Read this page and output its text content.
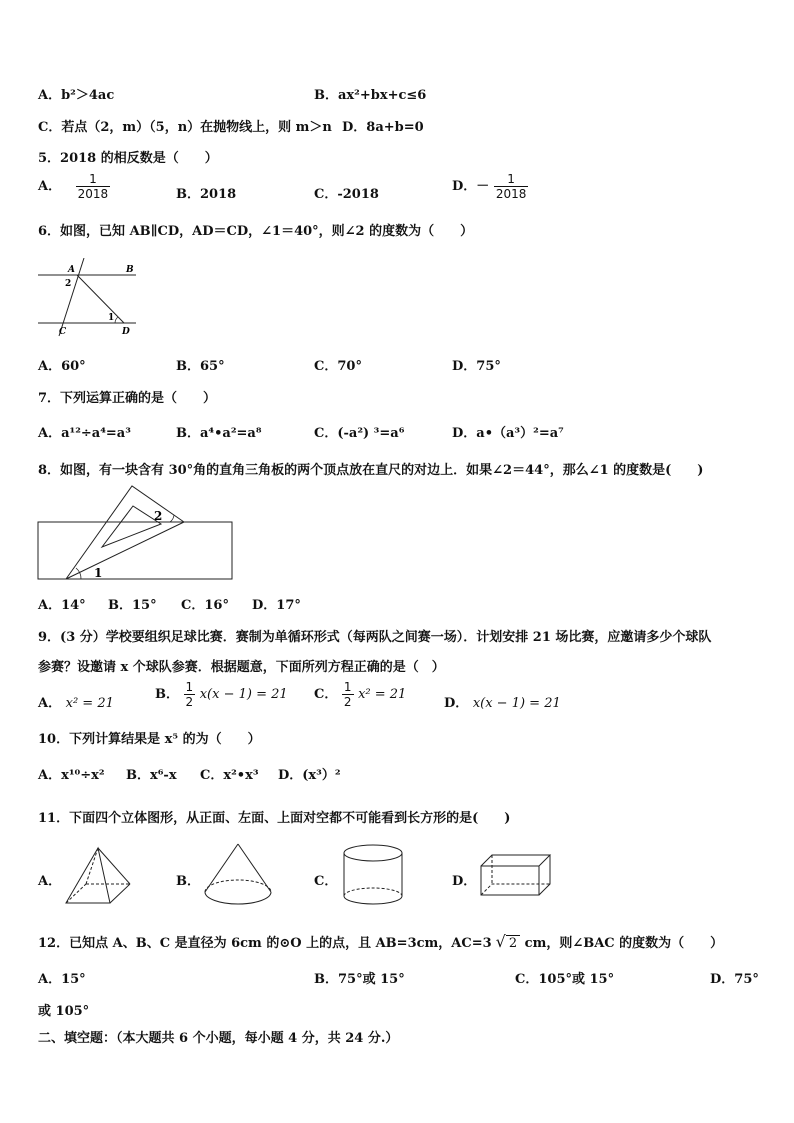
A．b²＞4ac	B．ax²+bx+c≤6
C．若点（2，m）（5，n）在抛物线上，则 m＞n D．8a+b=0
5．2018 的相反数是（　　）
A． $\frac{1}{2018}$	B．2018	C．-2018
D．－ $\frac{1}{2018}$
6．如图，已知 AB∥CD，AD＝CD，∠1＝40°，则∠2 的度数为（　　）
A	B
C	D
2
1
A．60°	B．65°	C．70°	D．75°
7．下列运算正确的是（　　）
A．a¹²÷a⁴=a³	B．a⁴•a²=a⁸	C．(-a²) ³=a⁶	D．a•（a³）²=a⁷
8．如图，有一块含有 30°角的直角三角板的两个顶点放在直尺的对边上．如果∠2＝44°，那么∠1 的度数是(　　)
2
1
A．14° B．15° C．16° D．17°
9．(3 分）学校要组织足球比赛．赛制为单循环形式（每两队之间赛一场）．计划安排 21 场比赛，应邀请多少个球队
参赛？设邀请 x 个球队参赛．根据题意，下面所列方程正确的是（　）
A． x² = 21
B． $\frac{1}{2} x(x - 1) = 21$ C． $\frac{1}{2} x^2 = 21$
D． x(x − 1) = 21
10．下列计算结果是 x⁵ 的为（　　）
A．x¹⁰÷x² B．x⁶-x C．x²•x³ D．(x³）²
11．下面四个立体图形，从正面、左面、上面对空都不可能看到长方形的是(　　)
A．	B．	C．	D．
12．已知点 A、B、C 是直径为 6cm 的⊙O 上的点，且 AB=3cm，AC=3 √ 2 cm，则∠BAC 的度数为（　　）
A．15°	B．75°或 15°	C．105°或 15°	D．75°
或 105°
二、填空题：（本大题共 6 个小题，每小题 4 分，共 24 分.）
